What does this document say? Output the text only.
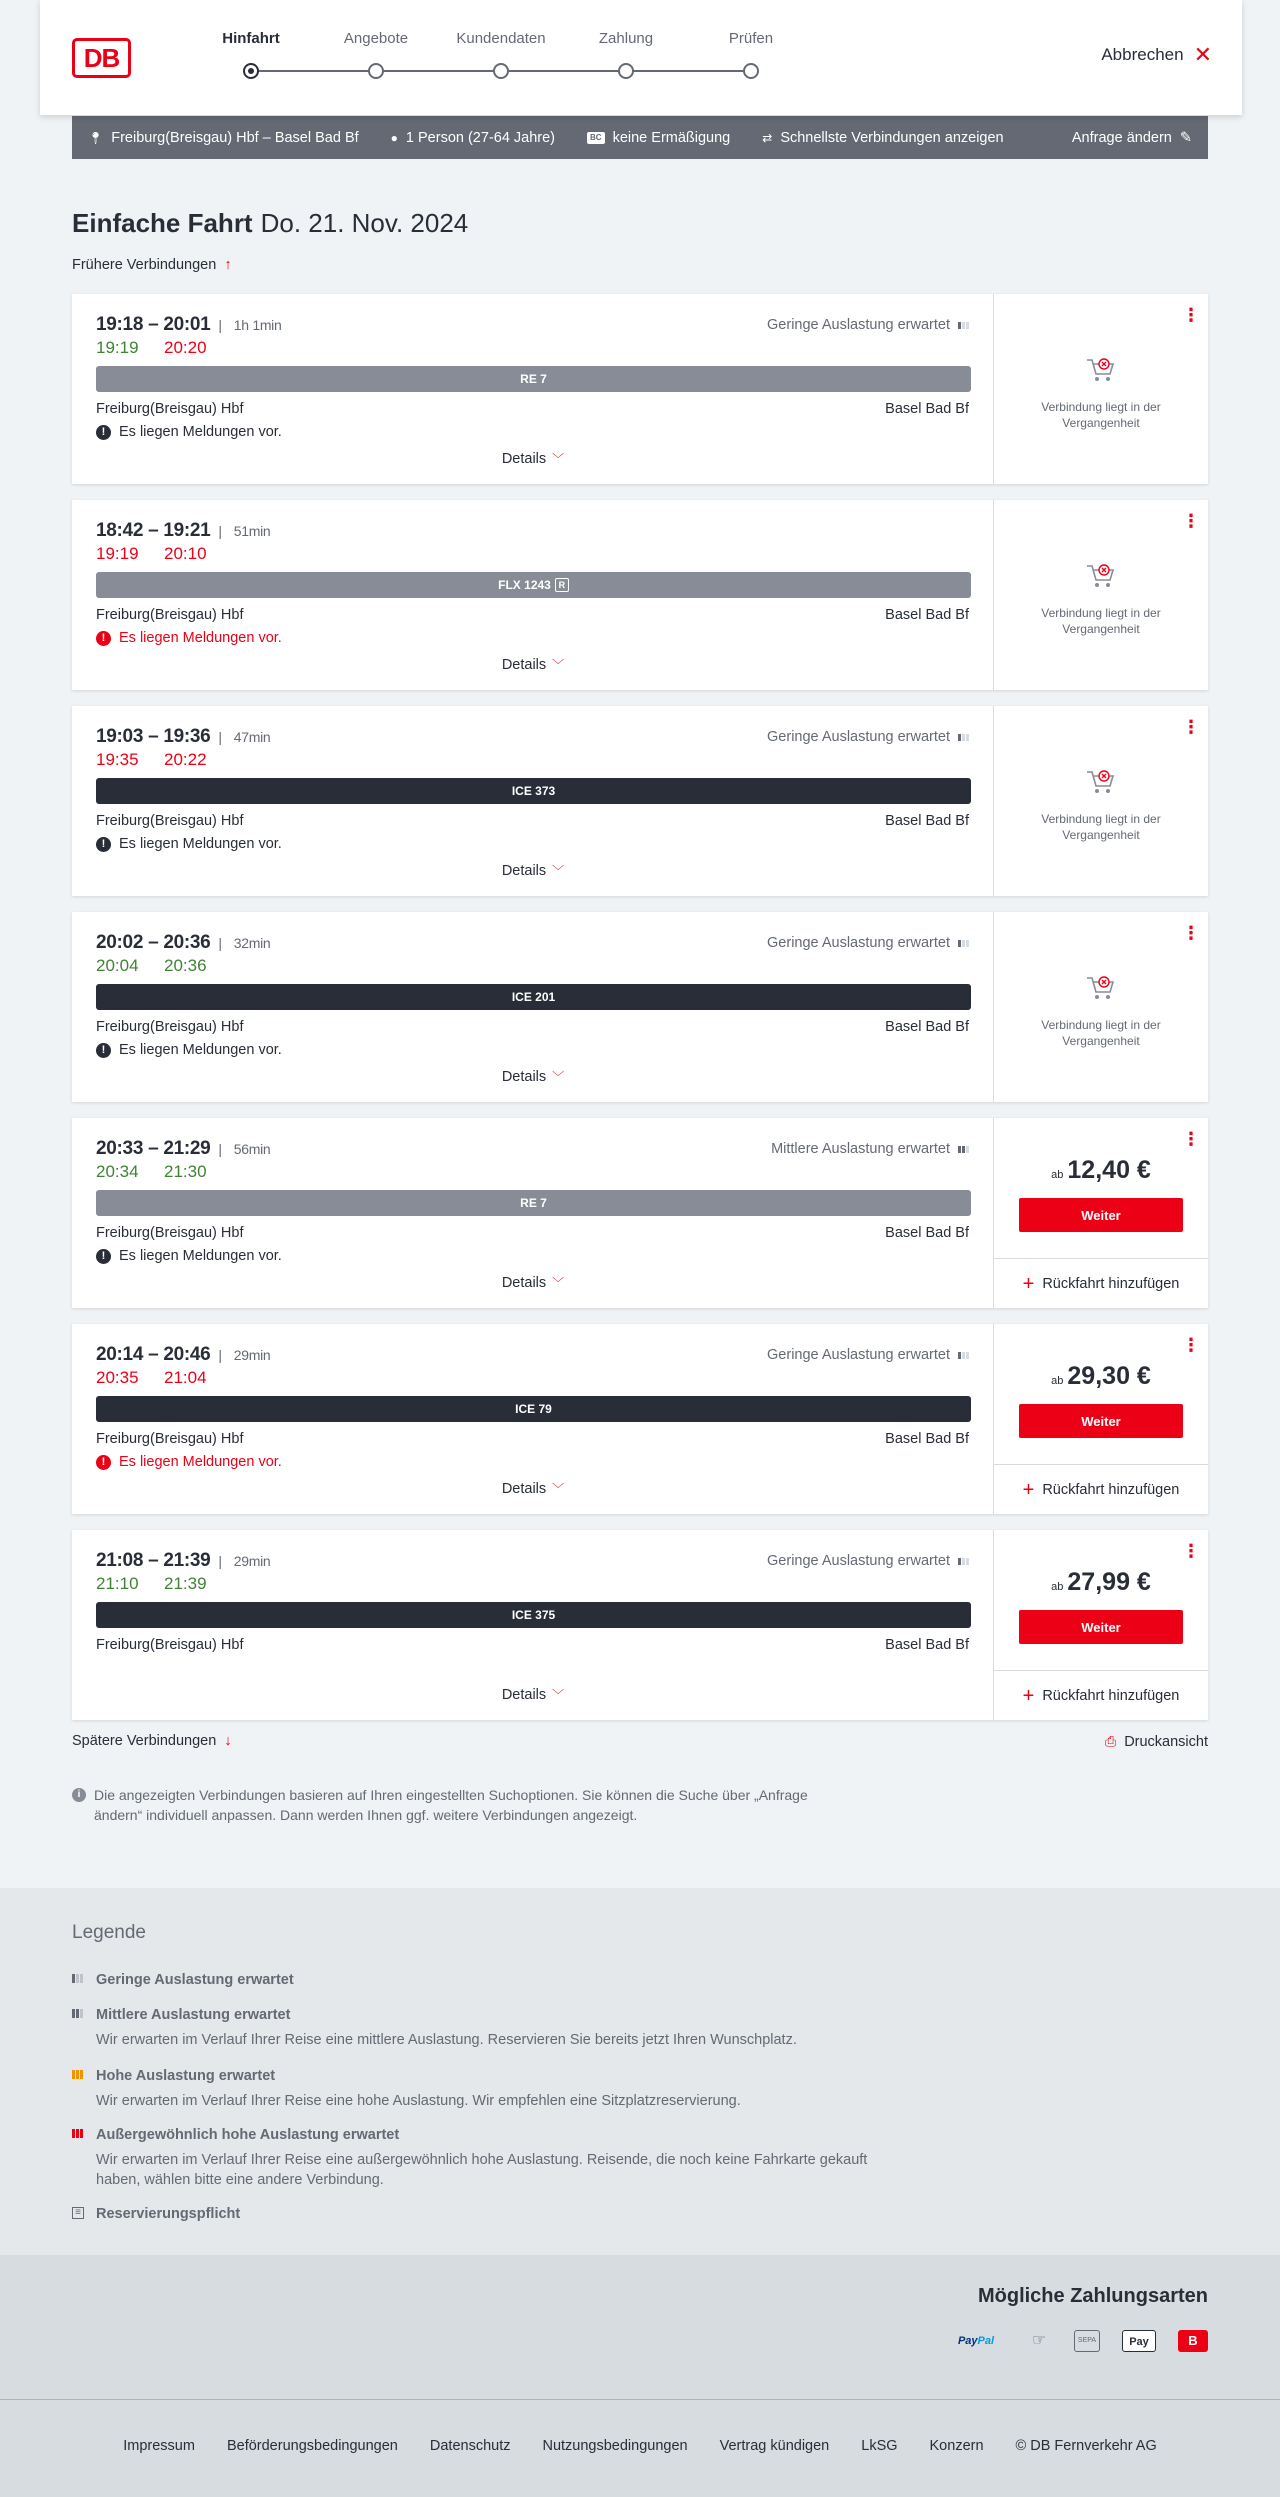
DB
Hinfahrt	Angebote	Kundendaten	Zahlung	Prüfen
Abbrechen ✕
📍︎ Freiburg(Breisgau) Hbf – Basel Bad Bf	● 1 Person (27-64 Jahre)	BC keine Ermäßigung	⇄ Schnellste Verbindungen anzeigen	Anfrage ändern ✎
Einfache Fahrt Do. 21. Nov. 2024
Frühere Verbindungen ↑
19:18 – 20:01 | 1h 1min
19:19 20:20
Geringe Auslastung erwartet
RE 7
Freiburg(Breisgau) Hbf	Basel Bad Bf
! Es liegen Meldungen vor.
Details ﹀
⋮
Verbindung liegt in der Vergangenheit
18:42 – 19:21 | 51min
19:19 20:10
FLX 1243 R
Freiburg(Breisgau) Hbf	Basel Bad Bf
! Es liegen Meldungen vor.
Details ﹀
⋮
Verbindung liegt in der Vergangenheit
19:03 – 19:36 | 47min
19:35 20:22
Geringe Auslastung erwartet
ICE 373
Freiburg(Breisgau) Hbf	Basel Bad Bf
! Es liegen Meldungen vor.
Details ﹀
⋮
Verbindung liegt in der Vergangenheit
20:02 – 20:36 | 32min
20:04 20:36
Geringe Auslastung erwartet
ICE 201
Freiburg(Breisgau) Hbf	Basel Bad Bf
! Es liegen Meldungen vor.
Details ﹀
⋮
Verbindung liegt in der Vergangenheit
20:33 – 21:29 | 56min
20:34 21:30
Mittlere Auslastung erwartet
RE 7
Freiburg(Breisgau) Hbf	Basel Bad Bf
! Es liegen Meldungen vor.
Details ﹀
⋮
ab 12,40 €
Weiter
+ Rückfahrt hinzufügen
20:14 – 20:46 | 29min
20:35 21:04
Geringe Auslastung erwartet
ICE 79
Freiburg(Breisgau) Hbf	Basel Bad Bf
! Es liegen Meldungen vor.
Details ﹀
⋮
ab 29,30 €
Weiter
+ Rückfahrt hinzufügen
21:08 – 21:39 | 29min
21:10 21:39
Geringe Auslastung erwartet
ICE 375
Freiburg(Breisgau) Hbf	Basel Bad Bf
Details ﹀
⋮
ab 27,99 €
Weiter
+ Rückfahrt hinzufügen
Spätere Verbindungen ↓	⎙ Druckansicht
i Die angezeigten Verbindungen basieren auf Ihren eingestellten Suchoptionen. Sie können die Suche über „Anfrage ändern“ individuell anpassen. Dann werden Ihnen ggf. weitere Verbindungen angezeigt.
Legende
Geringe Auslastung erwartet
Mittlere Auslastung erwartet
Wir erwarten im Verlauf Ihrer Reise eine mittlere Auslastung. Reservieren Sie bereits jetzt Ihren Wunschplatz.
Hohe Auslastung erwartet
Wir erwarten im Verlauf Ihrer Reise eine hohe Auslastung. Wir empfehlen eine Sitzplatzreservierung.
Außergewöhnlich hohe Auslastung erwartet
Wir erwarten im Verlauf Ihrer Reise eine außergewöhnlich hohe Auslastung. Reisende, die noch keine Fahrkarte gekauft haben, wählen bitte eine andere Verbindung.
≡ Reservierungspflicht
Mögliche Zahlungsarten
PayPal	☞	SEPA	Pay	B
Impressum Beförderungsbedingungen Datenschutz Nutzungsbedingungen Vertrag kündigen LkSG Konzern © DB Fernverkehr AG
